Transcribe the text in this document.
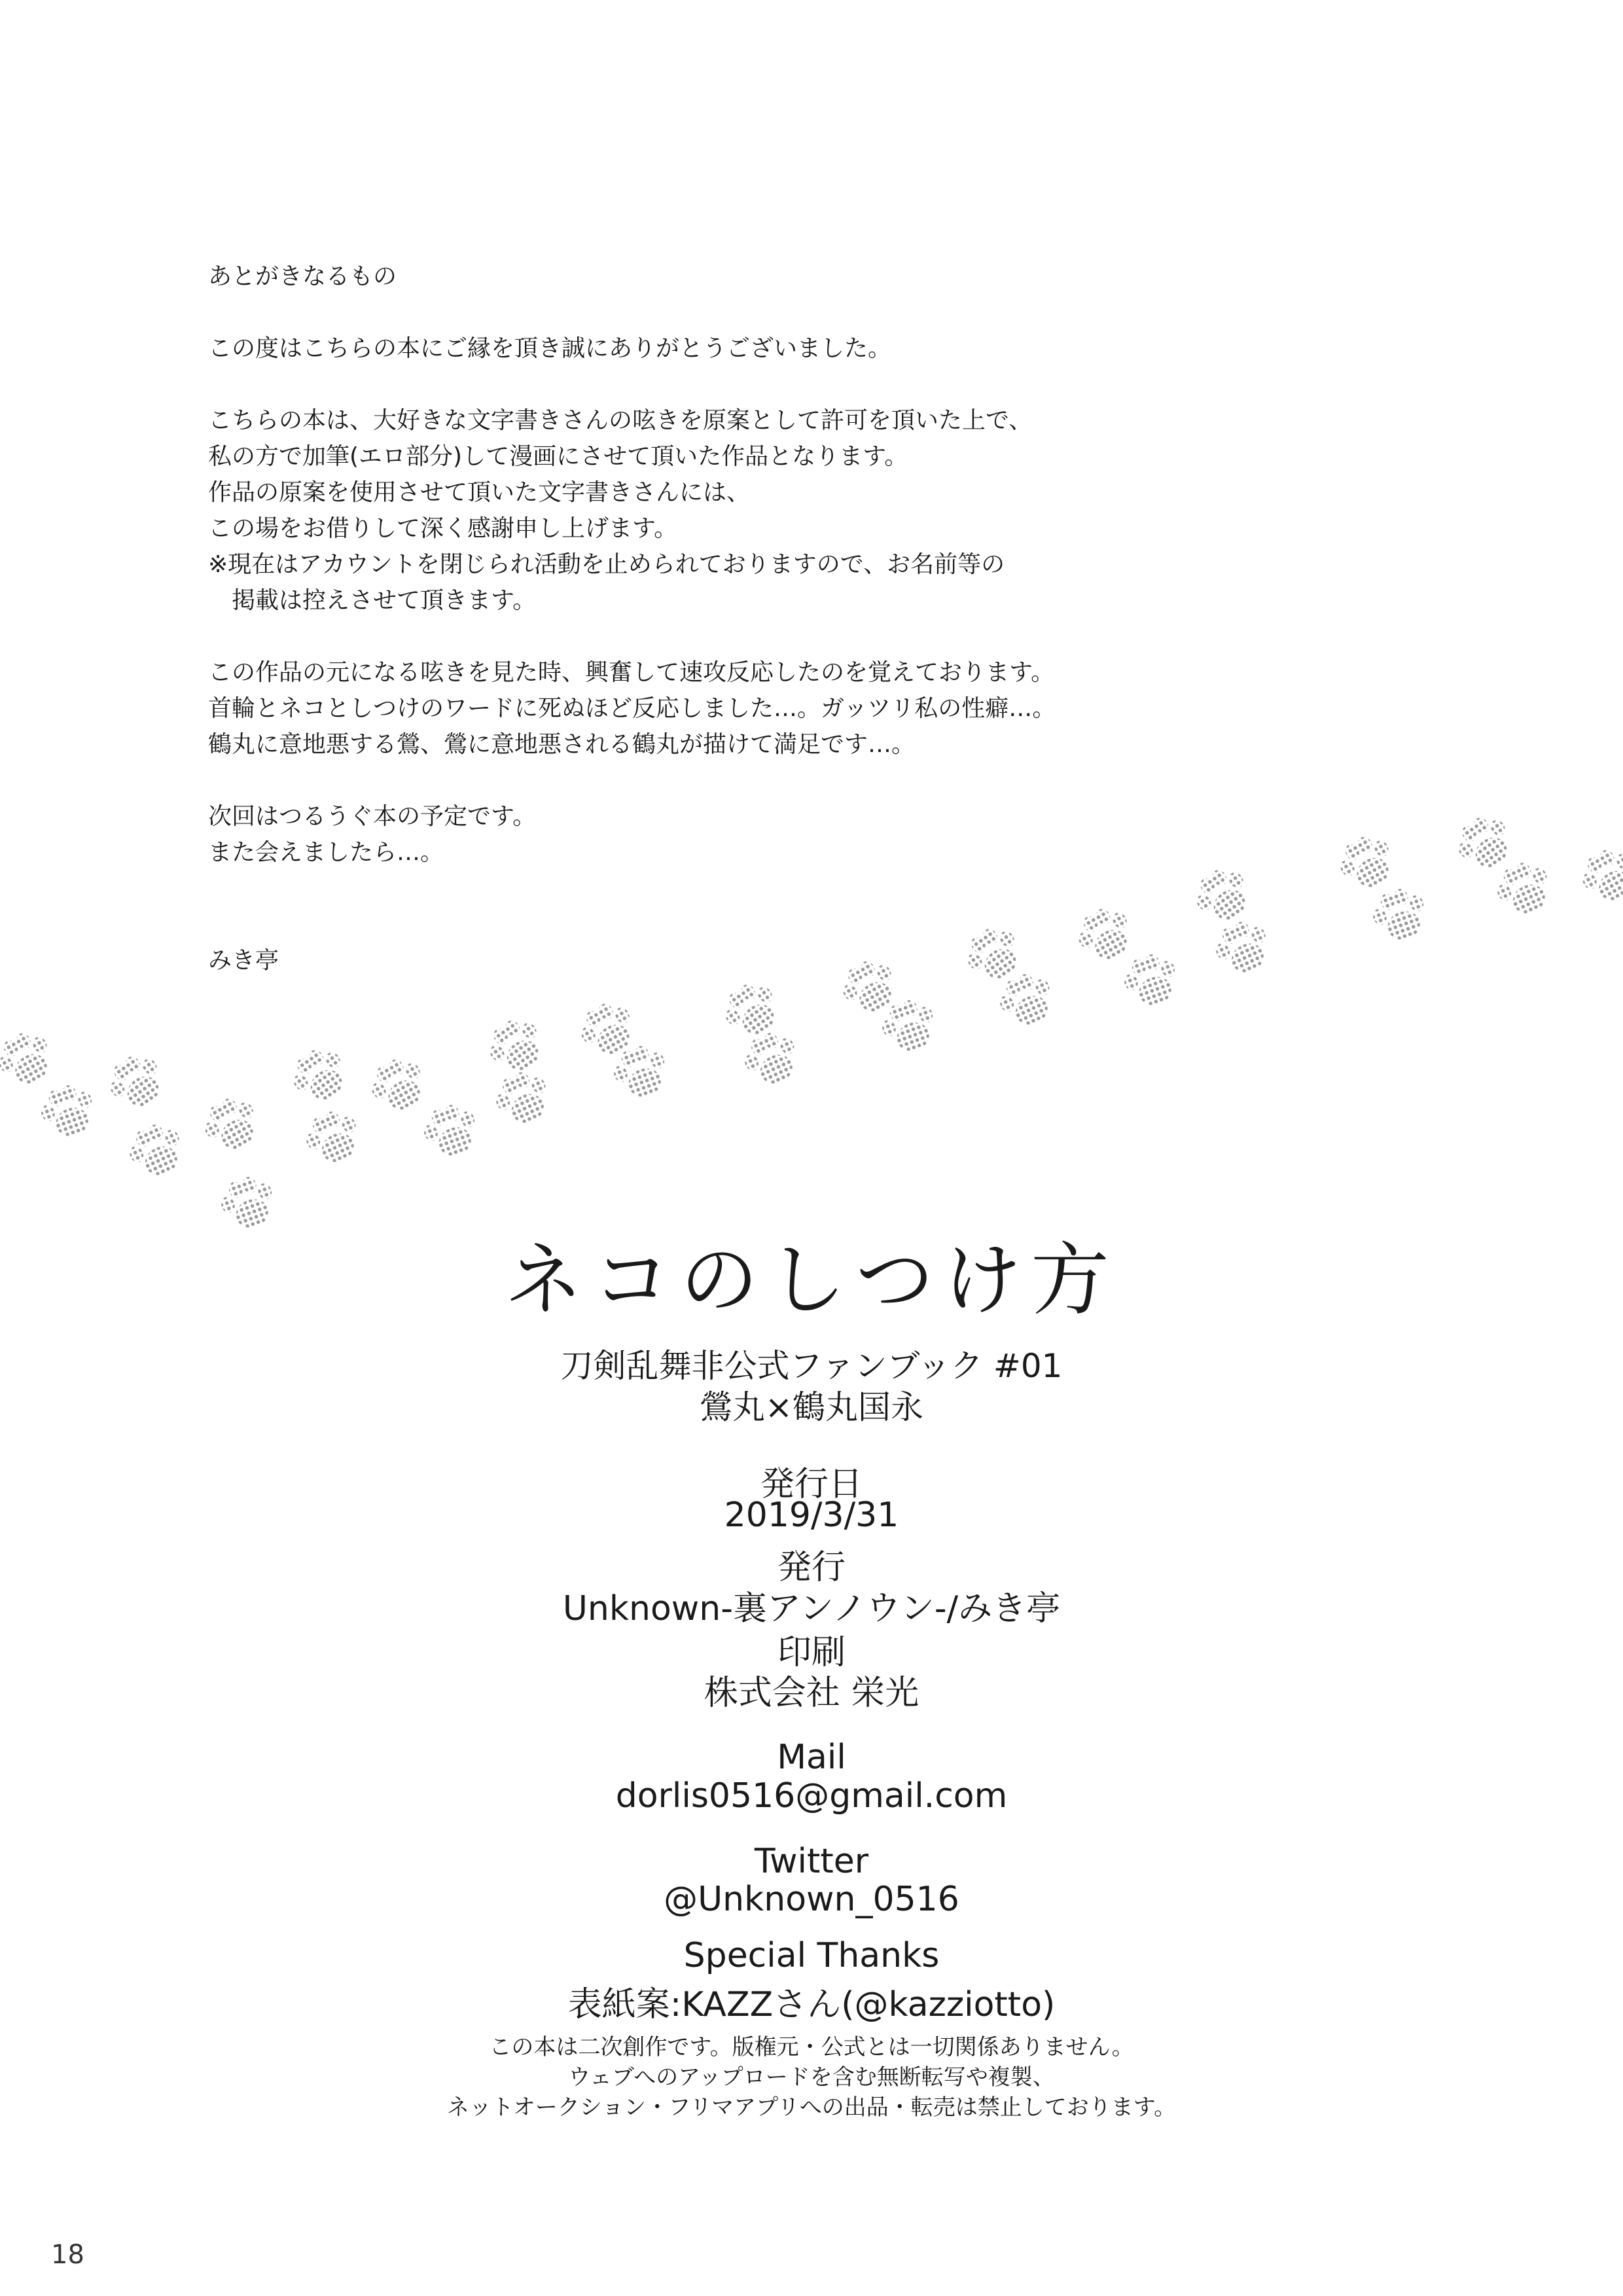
あとがきなるもの

この度はこちらの本にご縁を頂き誠にありがとうございました。

こちらの本は、大好きな文字書きさんの呟きを原案として許可を頂いた上で、

私の方で加筆(エロ部分)して漫画にさせて頂いた作品となります。

作品の原案を使用させて頂いた文字書きさんには、

この場をお借りして深く感謝申し上げます。

※現在はアカウントを閉じられ活動を止められておりますので、お名前等の

掲載は控えさせて頂きます。

この作品の元になる呟きを見た時、興奮して速攻反応したのを覚えております。

首輪とネコとしつけのワードに死ぬほど反応しました…。ガッツリ私の性癖…。

鶴丸に意地悪する鶯、鶯に意地悪される鶴丸が描けて満足です…。

次回はつるうぐ本の予定です。

また会えましたら…。

みき亭

ネコのしつけ方
刀剣乱舞非公式ファンブック #01
鶯丸×鶴丸国永
発行日
2019/3/31
発行
Unknown-裏アンノウン-/みき亭
印刷
株式会社 栄光
Mail
dorlis0516@gmail.com
Twitter
@Unknown_0516
Special Thanks
表紙案:KAZZさん(@kazziotto)
この本は二次創作です。版権元・公式とは一切関係ありません。
ウェブへのアップロードを含む無断転写や複製、
ネットオークション・フリマアプリへの出品・転売は禁止しております。
18
